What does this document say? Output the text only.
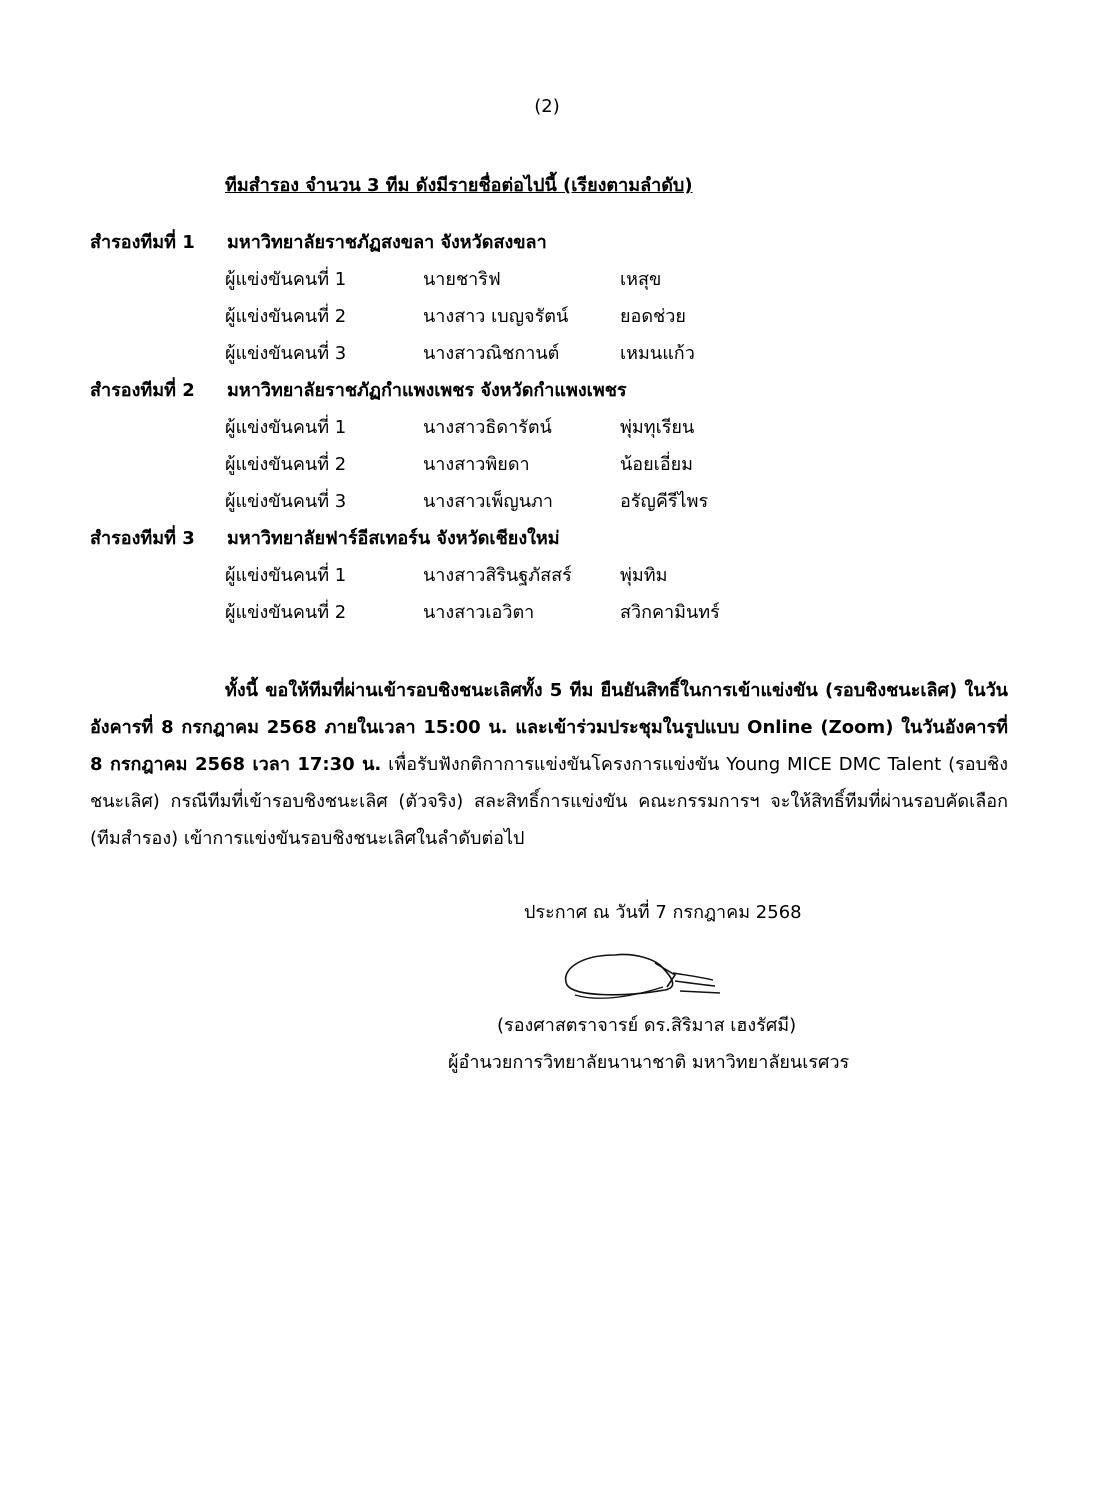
(2)
ทีมสำรอง จำนวน 3 ทีม ดังมีรายชื่อต่อไปนี้ (เรียงตามลำดับ)
สำรองทีมที่ 1 มหาวิทยาลัยราชภัฏสงขลา จังหวัดสงขลา
ผู้แข่งขันคนที่ 1	นายชาริฟ	เหสุข
ผู้แข่งขันคนที่ 2	นางสาว เบญจรัตน์	ยอดช่วย
ผู้แข่งขันคนที่ 3	นางสาวณิชกานต์	เหมนแก้ว
สำรองทีมที่ 2 มหาวิทยาลัยราชภัฏกำแพงเพชร จังหวัดกำแพงเพชร
ผู้แข่งขันคนที่ 1	นางสาวธิดารัตน์	พุ่มทุเรียน
ผู้แข่งขันคนที่ 2	นางสาวพิยดา	น้อยเอี่ยม
ผู้แข่งขันคนที่ 3	นางสาวเพ็ญนภา	อรัญคีรีไพร
สำรองทีมที่ 3 มหาวิทยาลัยฟาร์อีสเทอร์น จังหวัดเชียงใหม่
ผู้แข่งขันคนที่ 1	นางสาวสิรินฐภัสสร์	พุ่มทิม
ผู้แข่งขันคนที่ 2	นางสาวเอวิตา	สวิกคามินทร์
ทั้งนี้ ขอให้ทีมที่ผ่านเข้ารอบชิงชนะเลิศทั้ง 5 ทีม ยืนยันสิทธิ์ในการเข้าแข่งขัน (รอบชิงชนะเลิศ) ในวันอังคารที่ 8 กรกฎาคม 2568 ภายในเวลา 15:00 น. และเข้าร่วมประชุมในรูปแบบ Online (Zoom) ในวันอังคารที่ 8 กรกฎาคม 2568 เวลา 17:30 น. เพื่อรับฟังกติกาการแข่งขันโครงการแข่งขัน Young MICE DMC Talent (รอบชิงชนะเลิศ) กรณีทีมที่เข้ารอบชิงชนะเลิศ (ตัวจริง) สละสิทธิ์การแข่งขัน คณะกรรมการฯ จะให้สิทธิ์ทีมที่ผ่านรอบคัดเลือก (ทีมสำรอง) เข้าการแข่งขันรอบชิงชนะเลิศในลำดับต่อไป
ประกาศ ณ วันที่ 7 กรกฎาคม 2568
(รองศาสตราจารย์ ดร.สิริมาส เฮงรัศมี)
ผู้อำนวยการวิทยาลัยนานาชาติ มหาวิทยาลัยนเรศวร
